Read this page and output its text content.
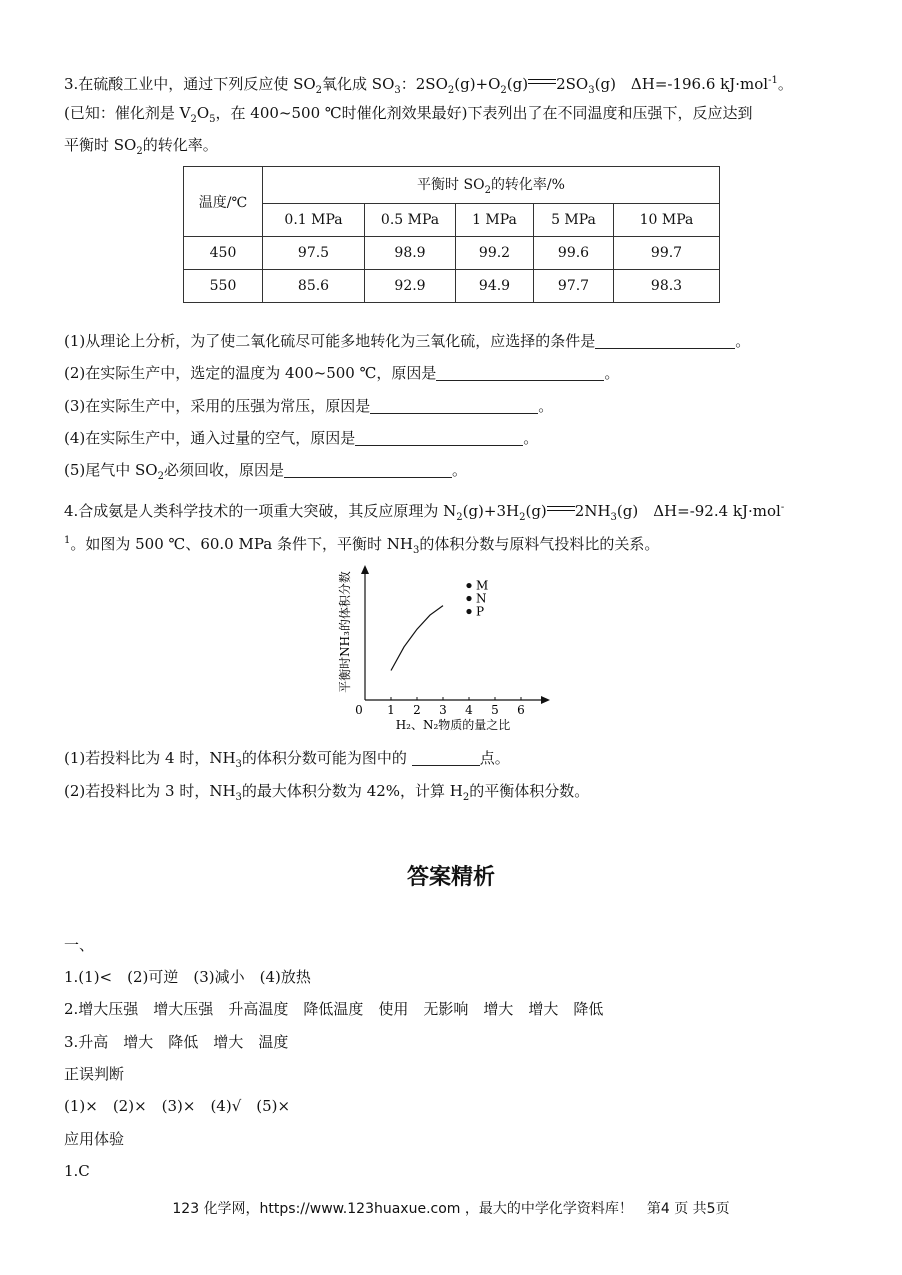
3.在硫酸工业中，通过下列反应使 $SO_2$氧化成 $SO_3$：$2SO_2(g)+O_2(g)$ $2SO_3(g)$　ΔH=-196.6 kJ·mol$^{-1}$。
(已知：催化剂是 $V_2O_5$，在 400~500 ℃时催化剂效果最好)下表列出了在不同温度和压强下，反应达到
平衡时 $SO_2$的转化率。
温度/℃	平衡时 $SO_2$的转化率/%				
	0.1 MPa	0.5 MPa	1 MPa	5 MPa	10 MPa
450	97.5	98.9	99.2	99.6	99.7
550	85.6	92.9	94.9	97.7	98.3
(1)从理论上分析，为了使二氧化硫尽可能多地转化为三氧化硫，应选择的条件是	。
(2)在实际生产中，选定的温度为 400~500 ℃，原因是	。
(3)在实际生产中，采用的压强为常压，原因是	。
(4)在实际生产中，通入过量的空气，原因是	。
(5)尾气中 $SO_2$必须回收，原因是	。
4.合成氨是人类科学技术的一项重大突破，其反应原理为 $N_2(g)+3H_2(g)$ $2NH_3(g)$　ΔH=-92.4 kJ·mol-
$^1$。如图为 500 ℃、60.0 MPa 条件下，平衡时 $NH_3$的体积分数与原料气投料比的关系。
0 1 2 3 4 5 6
M
N
P
H₂、N₂物质的量之比
平衡时NH₃的体积分数
(1)若投料比为 4 时，$NH_3$的体积分数可能为图中的	点。
(2)若投料比为 3 时，$NH_3$的最大体积分数为 42%，计算 $H_2$的平衡体积分数。
答案精析
一、
1.(1)<　(2)可逆　(3)减小　(4)放热
2.增大压强　增大压强　升高温度　降低温度　使用　无影响　增大　增大　降低
3.升高　增大　降低　增大　温度
正误判断
(1)×　(2)×　(3)×　(4)√　(5)×
应用体验
1.C
123 化学网，https://www.123huaxue.com ，最大的中学化学资料库！　第4 页 共5页
